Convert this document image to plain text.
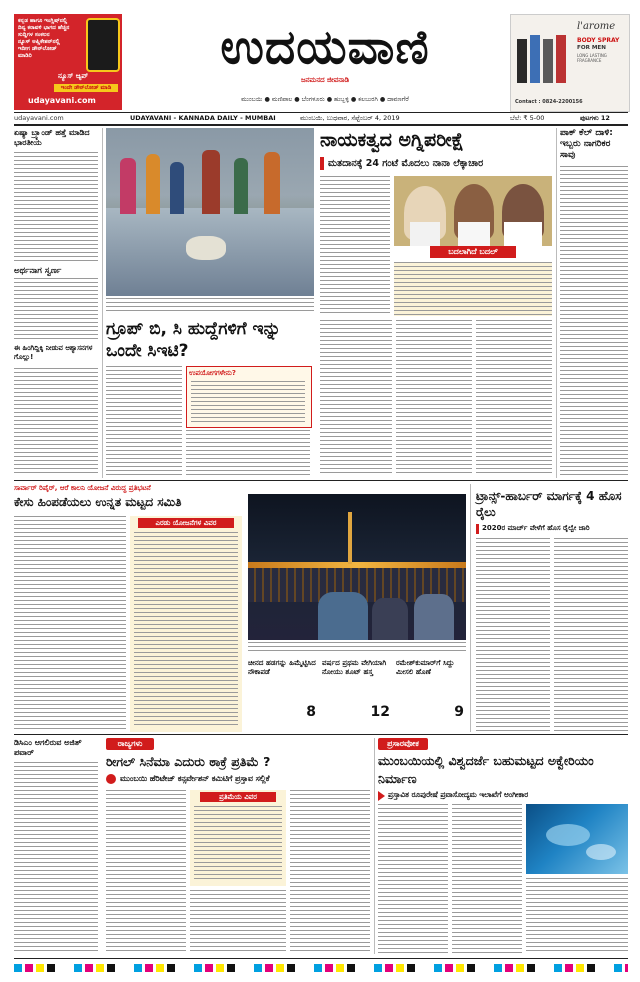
ಕನ್ನಡ ಹಾಗೂ ಇಂಗ್ಲಿಷ್‌ನಲ್ಲಿ
ದಿನ್ಯ ಕರಾವಳಿ ಭಾಗದ ಹೆಚ್ಚಿನ
ಸುದ್ದಿಗಳ ಸಂಕಲನ
ನ್ಯೂಸ್‌ ಅಪ್ಲಿಕೇಶನ್‌ನಲ್ಲಿ
ಇದೀಗ ಡೌನ್‌ಲೋಡ್
ಮಾಡಿರಿ
ನ್ಯೂಸ್ ಆ್ಯಪ್
ಇಂದೇ ಡೌನ್‌ಲೋಡ್ ಮಾಡಿ
udayavani.com
ಉದಯವಾಣಿ
ಜನಮನದ ಜೀವನಾಡಿ
ಮುಂಬಯಿ ● ಮಣಿಪಾಲ ● ಬೆಂಗಳೂರು ● ಹುಬ್ಬಳ್ಳಿ ● ಕಲಬುರಗಿ ● ದಾವಣಗೆರೆ
l'arome
BODY SPRAY
FOR MEN
LONG LASTING FRAGRANCE
Contact : 0824-2200156
udayavani.com	UDAYAVANI - KANNADA DAILY - MUMBAI	ಮುಂಬಯಿ, ಬುಧವಾರ, ಸೆಪ್ಟೆಂಬರ್ 4, 2019	ಬೆಲೆ: ₹ 5-00	ಪುಟಗಳು 12
ಏಷ್ಯಾ ಬ್ರ್ಯಾಂಡ್‌ ಹತ್ತೆ ಮಾಡಿದ ಭಾರತೀಯ
ಅರ್ಥನಾಗ ಸ್ವರ್ಣ
ಈ ಹಿಂಗಿದ್ದಿಕ್ಕಿ ನೀಡುವ ಆಶ್ಯಾಸನಗಳ ಗೊಲ್ಲು!
ನಾಯಕತ್ವದ ಅಗ್ನಿಪರೀಕ್ಷೆ
ಮತದಾನಕ್ಕೆ 24 ಗಂಟೆ ಮೊದಲು ನಾನಾ ಲೆಕ್ಕಾಚಾರ
ಬದಲಾಗಿದೆ ಬದಲ್
ಪಾಕ್ ಕೆಲ್ ದಾಳಿ: ಇಬ್ಬರು ನಾಗರಿಕರ ಸಾವು
ಗ್ರೂಪ್ ಬಿ, ಸಿ ಹುದ್ದೆಗಳಿಗೆ ಇನ್ನು ಒಂದೇ ಸಿಇಟಿ?
ಉಪಯೋಗಗಳೇನು?
ಸಾರ್ವಾರ್ ರಿಪೈರ್, ಆರೆ ಕಾಲನಿ ಯೋಜನೆ ವಿರುದ್ಧ ಪ್ರತಿಭಟನೆ
ಕೇಸು ಹಿಂಪಡೆಯಲು ಉನ್ನತ ಮಟ್ಟದ ಸಮಿತಿ
ಎರಡು ಯೋಜನೆಗಳ ವಿವರ
ಚೀನದ ಹಡಗನ್ನು ಹಿಮ್ಮೆಟ್ಟಿಸಿದ ನೌಕಾಪಡೆ
8
ವರ್ಷದ ಪ್ರಥಮ ವೇಗಿಯಾಗಿ ನೋಯು ಶೂಟ್ ಹಸ್ತ
12
ರಮೇಶ್‌ಕುಮಾರ್‌ಗೆ ಸಿದ್ದು ಮೀಸಲಿ ಹೊಣೆ
9
ಟ್ರಾನ್ಸ್-ಹಾರ್ಬರ್ ಮಾರ್ಗಕ್ಕೆ 4 ಹೊಸ ರೈಲು
2020ರ ಮಾರ್ಚ್ ವೇಳೆಗೆ ಹೊಸ ರೈಲ್ವೇ ಜಾರಿ
ಡಿಸಿಎಂ ಆಗಲಿರುವ ಅಜಿತ್ ಪವಾರ್
ರಾಜ್ಯಗಳು
ರೀಗಲ್ ಸಿನೆಮಾ ಎದುರು ಠಾಕ್ರೆ ಪ್ರತಿಮೆ ?
ಮುಂಬಯಿ ಹೆರಿಟೇಜ್ ಕನ್ಸರ್ವೇಶನ್ ಕಮಿಟಿಗೆ ಪ್ರಸ್ತಾವ ಸಲ್ಲಿಕೆ
ಪ್ರತಿಮೆಯ ವಿವರ
ಪ್ರಸಾರವೋಕ
ಮುಂಬಯಿಯಲ್ಲಿ ವಿಶ್ವದರ್ಜೆ ಬಹುಮಟ್ಟದ ಅಕ್ವೇರಿಯಂ ನಿರ್ಮಾಣ
ಪ್ರಸ್ತಾವಿತ ರೂಪುರೇಷೆ ಪ್ರವಾಸೋದ್ಯಮ ಇಲಾಖೆಗೆ ಅಂಗೀಕಾರ
